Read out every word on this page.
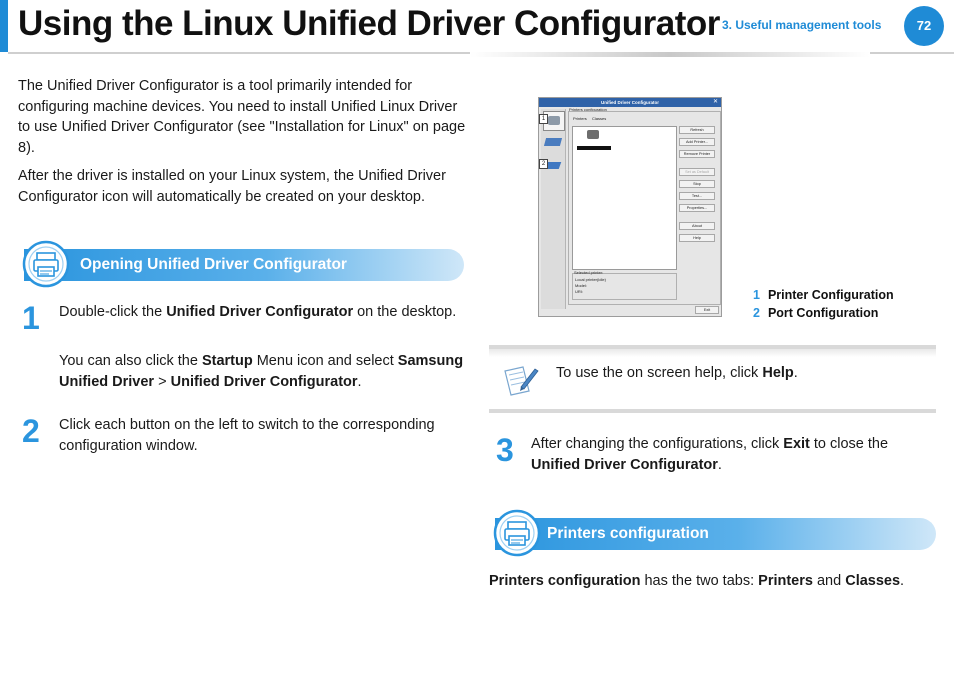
Using the Linux Unified Driver Configurator 3. Useful management tools	72

The Unified Driver Configurator is a tool primarily intended for configuring machine devices. You need to install Unified Linux Driver to use Unified Driver Configurator (see "Installation for Linux" on page 8).

After the driver is installed on your Linux system, the Unified Driver Configurator icon will automatically be created on your desktop.

Opening Unified Driver Configurator
1 Double-click the Unified Driver Configurator on the desktop.

You can also click the Startup Menu icon and select Samsung Unified Driver > Unified Driver Configurator.

2 Click each button on the left to switch to the corresponding configuration window.

Unified Driver Configurator	✕
1
2
Printers configuration
Printers Classes
Refresh
Add Printer...
Remove Printer
Set as Default
Stop
Test...
Properties...
About
Help
Selected printer:
Local printer(idle)
Model:
URI:
Exit
1 Printer Configuration
2 Port Configuration

To use the on screen help, click Help.

3 After changing the configurations, click Exit to close the Unified Driver Configurator.

Printers configuration

Printers configuration has the two tabs: Printers and Classes.
